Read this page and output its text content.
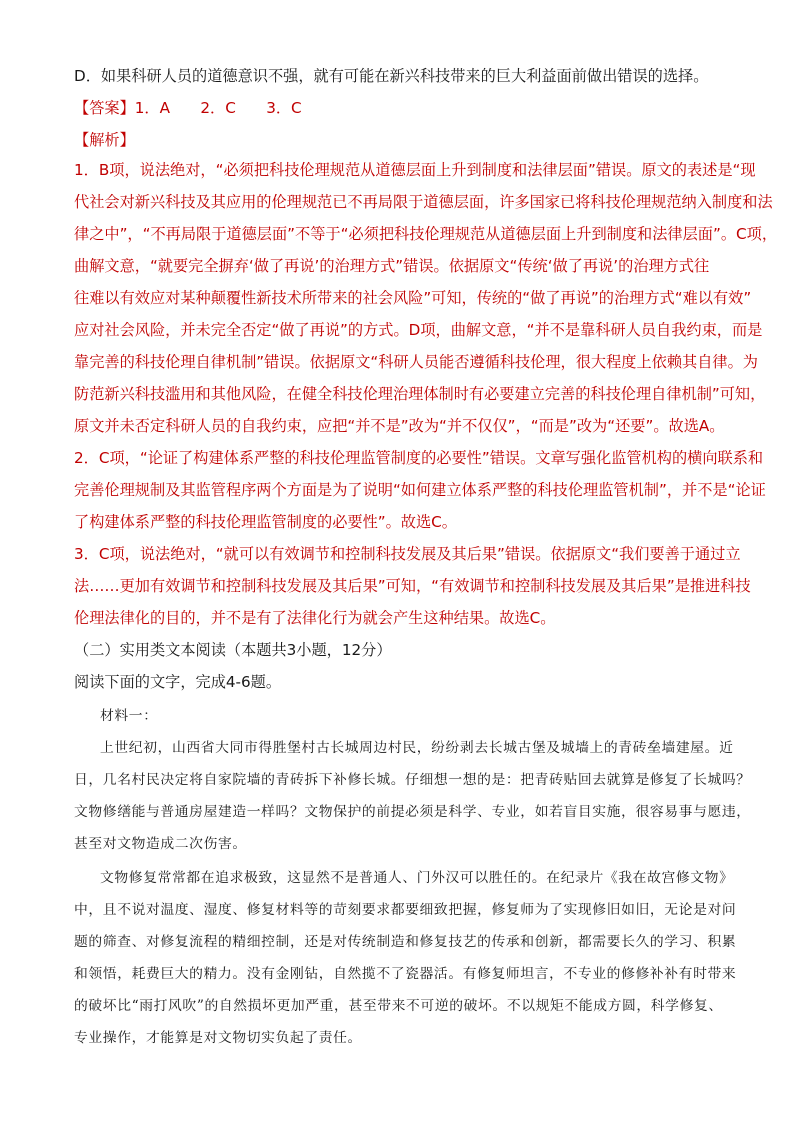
D．如果科研人员的道德意识不强，就有可能在新兴科技带来的巨大利益面前做出错误的选择。
【答案】1．A　　2．C　　3．C
【解析】
1．B项，说法绝对，“必须把科技伦理规范从道德层面上升到制度和法律层面”错误。原文的表述是“现
代社会对新兴科技及其应用的伦理规范已不再局限于道德层面，许多国家已将科技伦理规范纳入制度和法
律之中”，“不再局限于道德层面”不等于“必须把科技伦理规范从道德层面上升到制度和法律层面”。C项，
曲解文意，“就要完全摒弃‘做了再说’的治理方式”错误。依据原文“传统‘做了再说’的治理方式往
往难以有效应对某种颠覆性新技术所带来的社会风险”可知，传统的“做了再说”的治理方式“难以有效”
应对社会风险，并未完全否定“做了再说”的方式。D项，曲解文意，“并不是靠科研人员自我约束，而是
靠完善的科技伦理自律机制”错误。依据原文“科研人员能否遵循科技伦理，很大程度上依赖其自律。为
防范新兴科技滥用和其他风险，在健全科技伦理治理体制时有必要建立完善的科技伦理自律机制”可知，
原文并未否定科研人员的自我约束，应把“并不是”改为“并不仅仅”，“而是”改为“还要”。故选A。
2．C项，“论证了构建体系严整的科技伦理监管制度的必要性”错误。文章写强化监管机构的横向联系和
完善伦理规制及其监管程序两个方面是为了说明“如何建立体系严整的科技伦理监管机制”，并不是“论证
了构建体系严整的科技伦理监管制度的必要性”。故选C。
3．C项，说法绝对，“就可以有效调节和控制科技发展及其后果”错误。依据原文“我们要善于通过立
法……更加有效调节和控制科技发展及其后果”可知，“有效调节和控制科技发展及其后果”是推进科技
伦理法律化的目的，并不是有了法律化行为就会产生这种结果。故选C。
（二）实用类文本阅读（本题共3小题，12分）
阅读下面的文字，完成4-6题。
材料一：
上世纪初，山西省大同市得胜堡村古长城周边村民，纷纷剥去长城古堡及城墙上的青砖垒墙建屋。近
日，几名村民决定将自家院墙的青砖拆下补修长城。仔细想一想的是：把青砖贴回去就算是修复了长城吗？
文物修缮能与普通房屋建造一样吗？文物保护的前提必须是科学、专业，如若盲目实施，很容易事与愿违，
甚至对文物造成二次伤害。
文物修复常常都在追求极致，这显然不是普通人、门外汉可以胜任的。在纪录片《我在故宫修文物》
中，且不说对温度、湿度、修复材料等的苛刻要求都要细致把握，修复师为了实现修旧如旧，无论是对问
题的筛查、对修复流程的精细控制，还是对传统制造和修复技艺的传承和创新，都需要长久的学习、积累
和领悟，耗费巨大的精力。没有金刚钻，自然揽不了瓷器活。有修复师坦言，不专业的修修补补有时带来
的破坏比“雨打风吹”的自然损坏更加严重，甚至带来不可逆的破坏。不以规矩不能成方圆，科学修复、
专业操作，才能算是对文物切实负起了责任。
